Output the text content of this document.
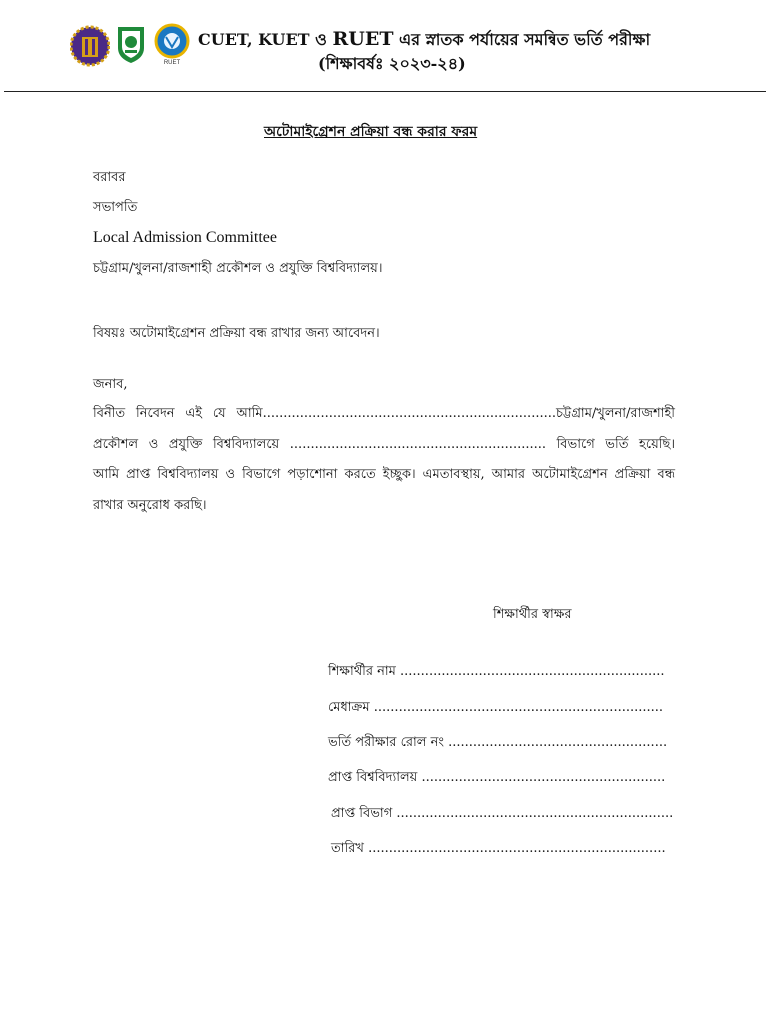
RUET
CUET, KUET ও RUET এর স্নাতক পর্যায়ের সমন্বিত ভর্তি পরীক্ষা
(শিক্ষাবর্ষঃ ২০২৩-২৪)
অটোমাইগ্রেশন প্রক্রিয়া বন্ধ করার ফরম
বরাবর
সভাপতি
Local Admission Committee
চট্টগ্রাম/খুলনা/রাজশাহী প্রকৌশল ও প্রযুক্তি বিশ্ববিদ্যালয়।
বিষয়ঃ অটোমাইগ্রেশন প্রক্রিয়া বন্ধ রাখার জন্য আবেদন।
জনাব,
বিনীত নিবেদন এই যে আমি.......................................................................চট্টগ্রাম/খুলনা/রাজশাহী
প্রকৌশল ও প্রযুক্তি বিশ্ববিদ্যালয়ে .............................................................. বিভাগে ভর্তি হয়েছি।
আমি প্রাপ্ত বিশ্ববিদ্যালয় ও বিভাগে পড়াশোনা করতে ইচ্ছুক। এমতাবস্থায়, আমার অটোমাইগ্রেশন প্রক্রিয়া বন্ধ
রাখার অনুরোধ করছি।
শিক্ষার্থীর স্বাক্ষর
শিক্ষার্থীর নাম ................................................................
মেধাক্রম ......................................................................
ভর্তি পরীক্ষার রোল নং .....................................................
প্রাপ্ত বিশ্ববিদ্যালয় ...........................................................
প্রাপ্ত বিভাগ ...................................................................
তারিখ ........................................................................
